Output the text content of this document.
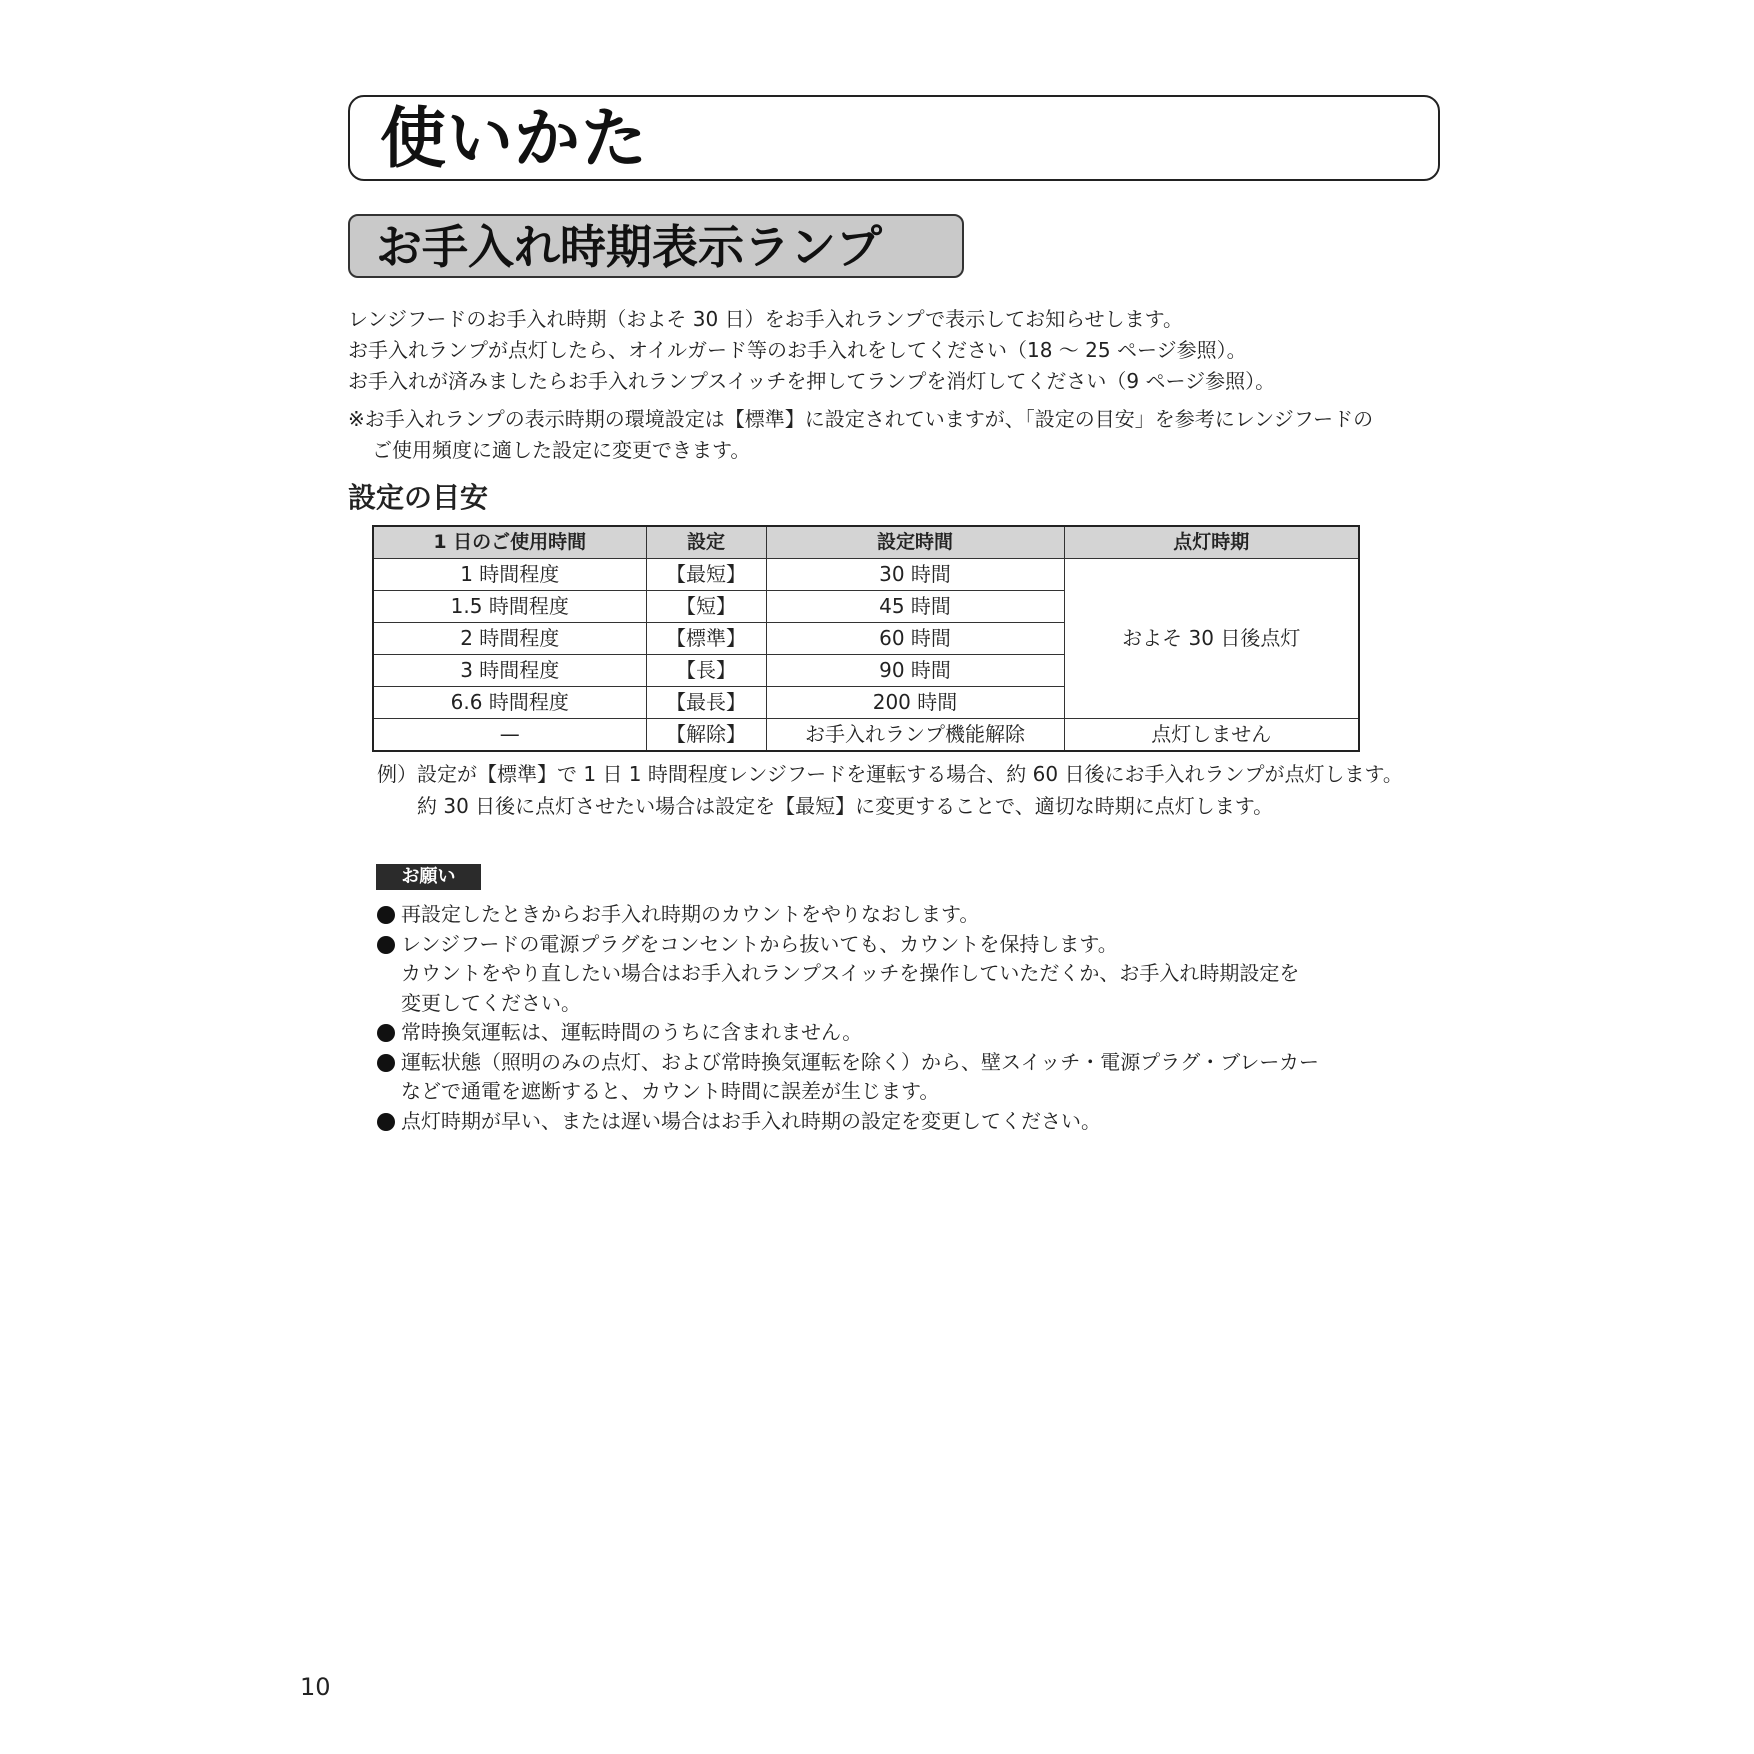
使いかた
お手入れ時期表示ランプ

レンジフードのお手入れ時期（およそ 30 日）をお手入れランプで表示してお知らせします。

お手入れランプが点灯したら、オイルガード等のお手入れをしてください（18 ～ 25 ページ参照）。

お手入れが済みましたらお手入れランプスイッチを押してランプを消灯してください（9 ページ参照）。

※お手入れランプの表示時期の環境設定は【標準】に設定されていますが、「設定の目安」を参考にレンジフードの

ご使用頻度に適した設定に変更できます。

設定の目安
1 日のご使用時間	設定	設定時間	点灯時期
1 時間程度	【最短】	30 時間	およそ 30 日後点灯
1.5 時間程度	【短】	45 時間	
2 時間程度	【標準】	60 時間	
3 時間程度	【長】	90 時間	
6.6 時間程度	【最長】	200 時間	
—	【解除】	お手入れランプ機能解除	点灯しません

例）設定が【標準】で 1 日 1 時間程度レンジフードを運転する場合、約 60 日後にお手入れランプが点灯します。

約 30 日後に点灯させたい場合は設定を【最短】に変更することで、適切な時期に点灯します。

お願い
再設定したときからお手入れ時期のカウントをやりなおします。
レンジフードの電源プラグをコンセントから抜いても、カウントを保持します。
カウントをやり直したい場合はお手入れランプスイッチを操作していただくか、お手入れ時期設定を
変更してください。
常時換気運転は、運転時間のうちに含まれません。
運転状態（照明のみの点灯、および常時換気運転を除く）から、壁スイッチ・電源プラグ・ブレーカー
などで通電を遮断すると、カウント時間に誤差が生じます。
点灯時期が早い、または遅い場合はお手入れ時期の設定を変更してください。
10
